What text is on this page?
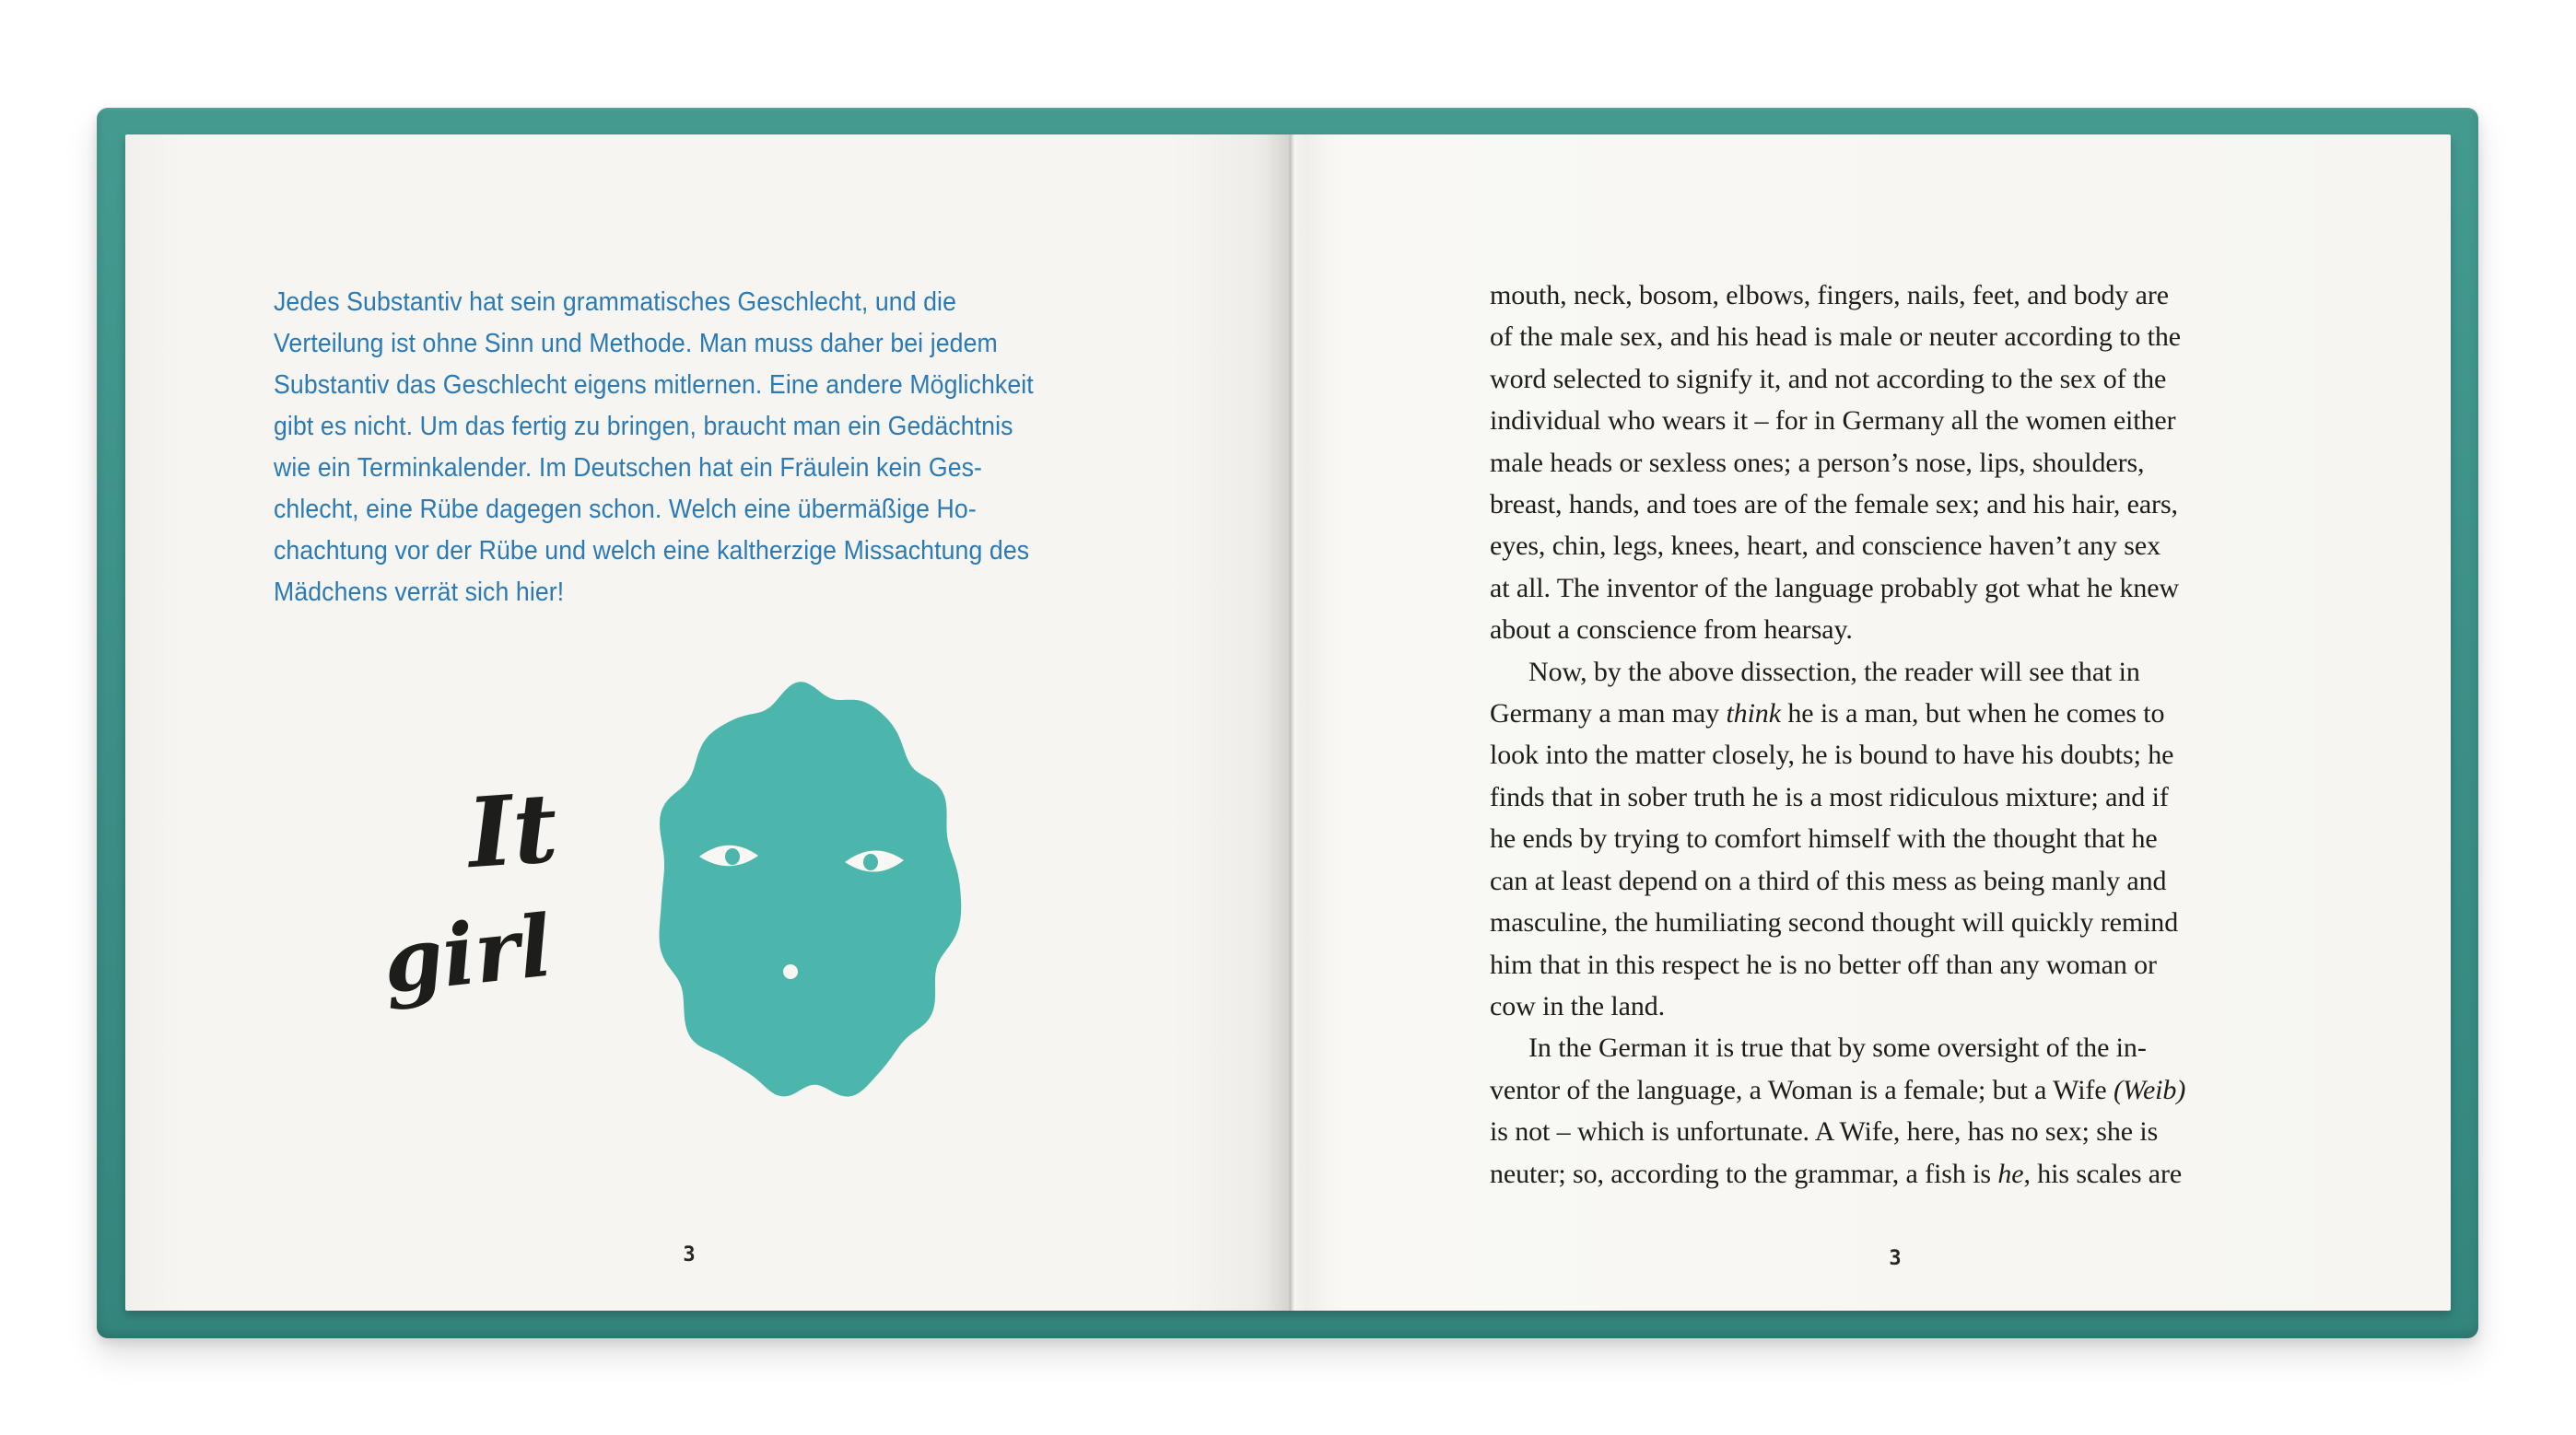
Jedes Substantiv hat sein grammatisches Geschlecht, und die
Verteilung ist ohne Sinn und Methode. Man muss daher bei jedem
Substantiv das Geschlecht eigens mitlernen. Eine andere Möglichkeit
gibt es nicht. Um das fertig zu bringen, braucht man ein Gedächtnis
wie ein Terminkalender. Im Deutschen hat ein Fräulein kein Ges-
chlecht, eine Rübe dagegen schon. Welch eine übermäßige Ho-
chachtung vor der Rübe und welch eine kaltherzige Missachtung des
Mädchens verrät sich hier!
It
girl
3
mouth, neck, bosom, elbows, fingers, nails, feet, and body are
of the male sex, and his head is male or neuter according to the
word selected to signify it, and not according to the sex of the
individual who wears it – for in Germany all the women either
male heads or sexless ones; a person’s nose, lips, shoulders,
breast, hands, and toes are of the female sex; and his hair, ears,
eyes, chin, legs, knees, heart, and conscience haven’t any sex
at all. The inventor of the language probably got what he knew
about a conscience from hearsay.
Now, by the above dissection, the reader will see that in
Germany a man may think he is a man, but when he comes to
look into the matter closely, he is bound to have his doubts; he
finds that in sober truth he is a most ridiculous mixture; and if
he ends by trying to comfort himself with the thought that he
can at least depend on a third of this mess as being manly and
masculine, the humiliating second thought will quickly remind
him that in this respect he is no better off than any woman or
cow in the land.
In the German it is true that by some oversight of the in-
ventor of the language, a Woman is a female; but a Wife (Weib)
is not – which is unfortunate. A Wife, here, has no sex; she is
neuter; so, according to the grammar, a fish is he, his scales are
3
